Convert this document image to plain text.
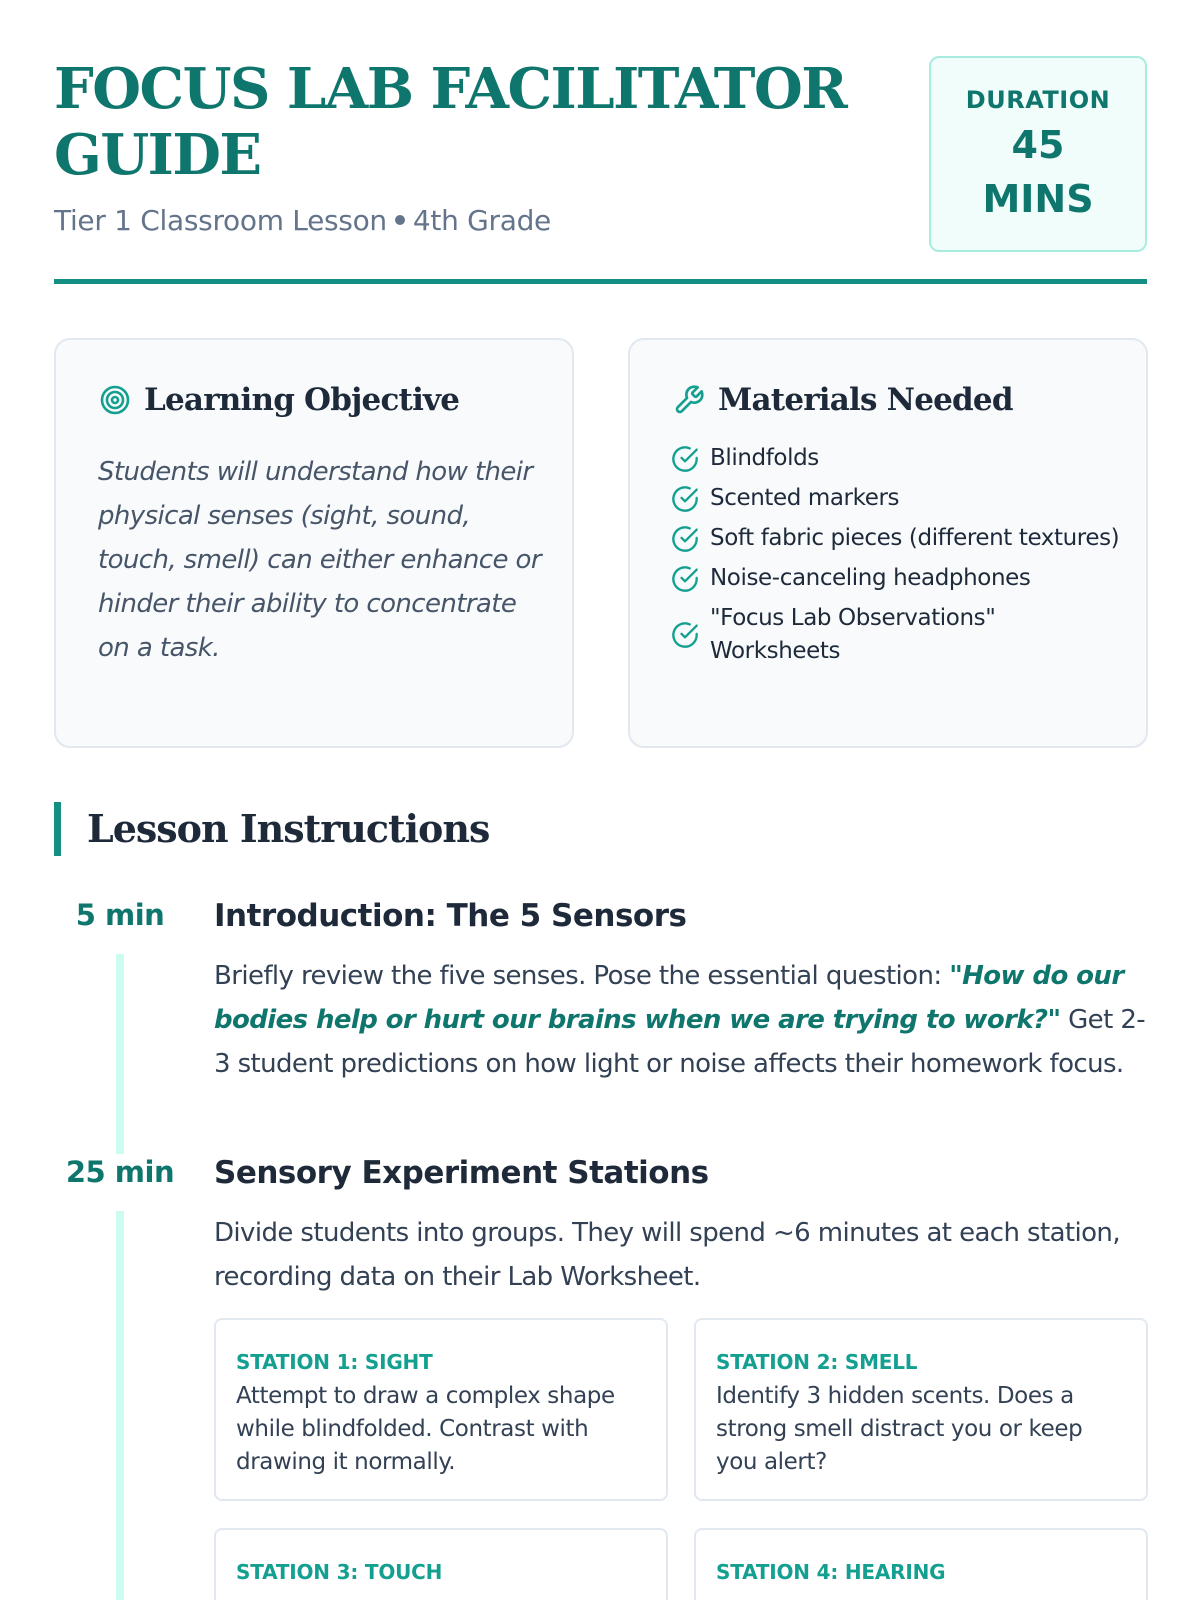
FOCUS LAB FACILITATOR
GUIDE
Tier 1 Classroom Lesson 4th Grade
DURATION
45
MINS
Learning Objective

Students will understand how their physical senses (sight, sound, touch, smell) can either enhance or hinder their ability to concentrate on a task.

Materials Needed
Blindfolds
Scented markers
Soft fabric pieces (different textures)
Noise-canceling headphones
"Focus Lab Observations" Worksheets
Lesson Instructions
5 min	Introduction: The 5 Sensors

Briefly review the five senses. Pose the essential question: "How do our bodies help or hurt our brains when we are trying to work?" Get 2-3 student predictions on how light or noise affects their homework focus.

25 min	Sensory Experiment Stations

Divide students into groups. They will spend ~6 minutes at each station, recording data on their Lab Worksheet.

STATION 1: SIGHT
Attempt to draw a complex shape while blindfolded. Contrast with drawing it normally.
STATION 2: SMELL
Identify 3 hidden scents. Does a strong smell distract you or keep you alert?
STATION 3: TOUCH	STATION 4: HEARING
